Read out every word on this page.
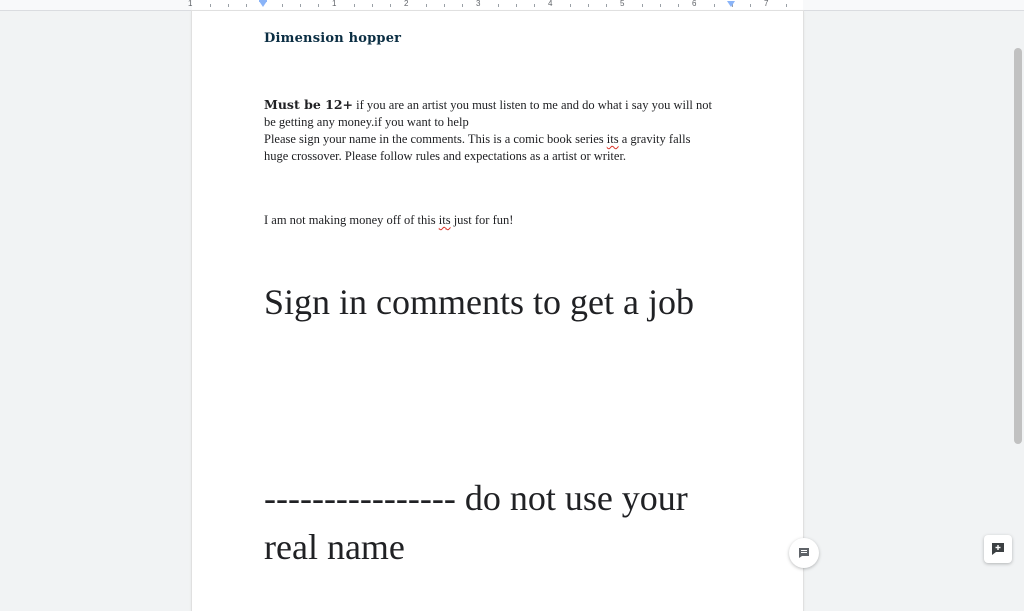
1	1	2	3	4	5	6	7
Dimension hopper
Must be 12+ if you are an artist you must listen to me and do what i say you will not be getting any money.if you want to help
Please sign your name in the comments. This is a comic book series its a gravity falls huge crossover. Please follow rules and expectations as a artist or writer.
I am not making money off of this its just for fun!
Sign in comments to get a job
---------------- do not use your real name
